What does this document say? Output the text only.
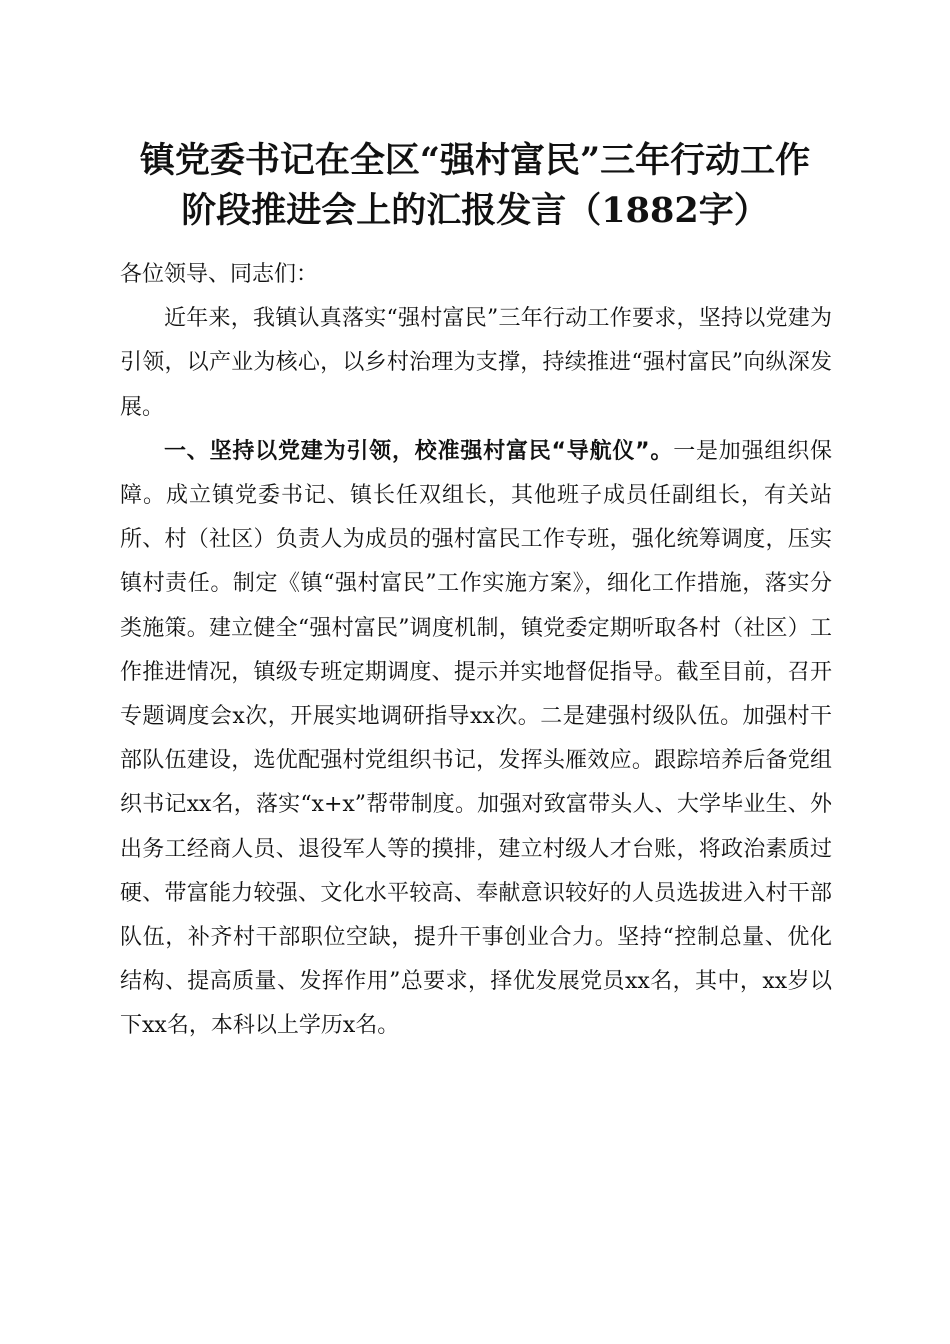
镇党委书记在全区“强村富民”三年行动工作
阶段推进会上的汇报发言（1882字）

各位领导、同志们：

近年来，我镇认真落实“强村富民”三年行动工作要求，坚持以党建为引领，以产业为核心，以乡村治理为支撑，持续推进“强村富民”向纵深发展。

一、坚持以党建为引领，校准强村富民“导航仪”。一是加强组织保障。成立镇党委书记、镇长任双组长，其他班子成员任副组长，有关站所、村（社区）负责人为成员的强村富民工作专班，强化统筹调度，压实镇村责任。制定《镇“强村富民”工作实施方案》，细化工作措施，落实分类施策。建立健全“强村富民”调度机制，镇党委定期听取各村（社区）工作推进情况，镇级专班定期调度、提示并实地督促指导。截至目前，召开专题调度会x次，开展实地调研指导xx次。二是建强村级队伍。加强村干部队伍建设，选优配强村党组织书记，发挥头雁效应。跟踪培养后备党组织书记xx名，落实“x+x”帮带制度。加强对致富带头人、大学毕业生、外出务工经商人员、退役军人等的摸排，建立村级人才台账，将政治素质过硬、带富能力较强、文化水平较高、奉献意识较好的人员选拔进入村干部队伍，补齐村干部职位空缺，提升干事创业合力。坚持“控制总量、优化结构、提高质量、发挥作用”总要求，择优发展党员xx名，其中，xx岁以下xx名，本科以上学历x名。
